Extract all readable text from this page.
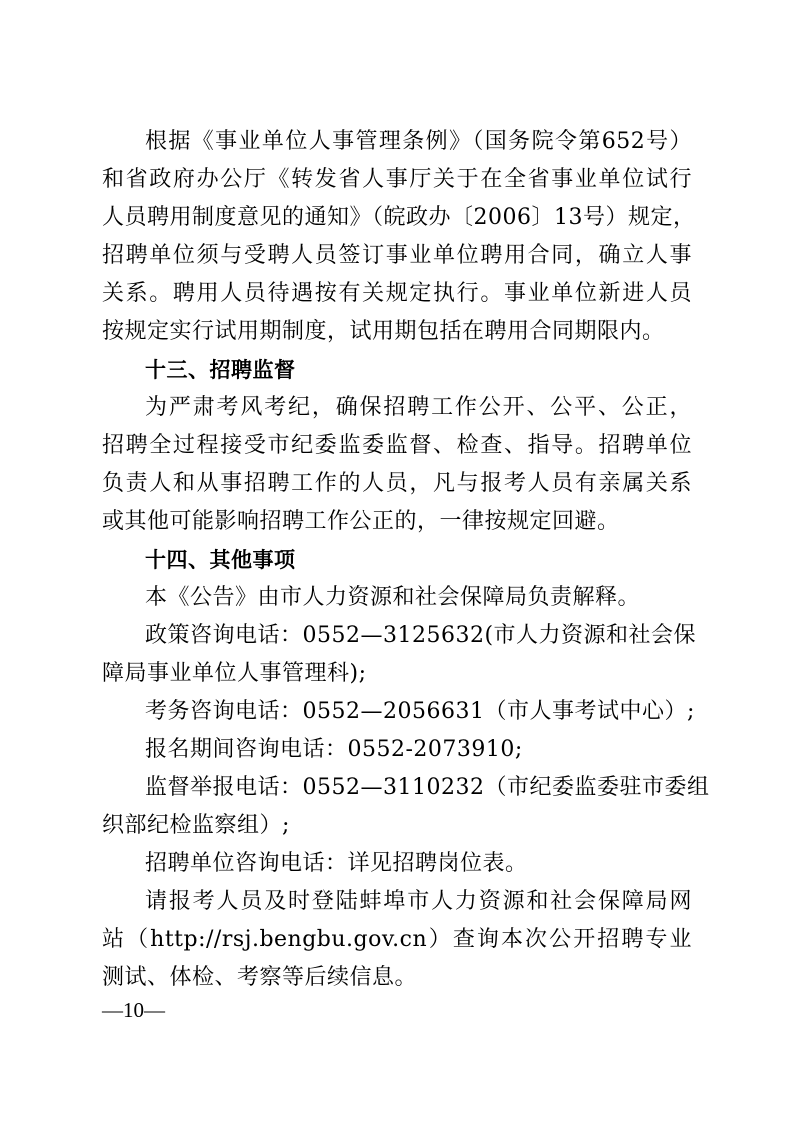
根据《事业单位人事管理条例》（国务院令第652号）
和省政府办公厅《转发省人事厅关于在全省事业单位试行
人员聘用制度意见的通知》（皖政办〔2006〕13号）规定，
招聘单位须与受聘人员签订事业单位聘用合同，确立人事
关系。聘用人员待遇按有关规定执行。事业单位新进人员
按规定实行试用期制度，试用期包括在聘用合同期限内。
十三、招聘监督
为严肃考风考纪，确保招聘工作公开、公平、公正，
招聘全过程接受市纪委监委监督、检查、指导。招聘单位
负责人和从事招聘工作的人员，凡与报考人员有亲属关系
或其他可能影响招聘工作公正的，一律按规定回避。
十四、其他事项
本《公告》由市人力资源和社会保障局负责解释。
政策咨询电话：0552—3125632(市人力资源和社会保
障局事业单位人事管理科);
考务咨询电话：0552—2056631（市人事考试中心）;
报名期间咨询电话：0552-2073910;
监督举报电话：0552—3110232（市纪委监委驻市委组
织部纪检监察组）;
招聘单位咨询电话：详见招聘岗位表。
请报考人员及时登陆蚌埠市人力资源和社会保障局网
站（http://rsj.bengbu.gov.cn）查询本次公开招聘专业
测试、体检、考察等后续信息。
—10—
